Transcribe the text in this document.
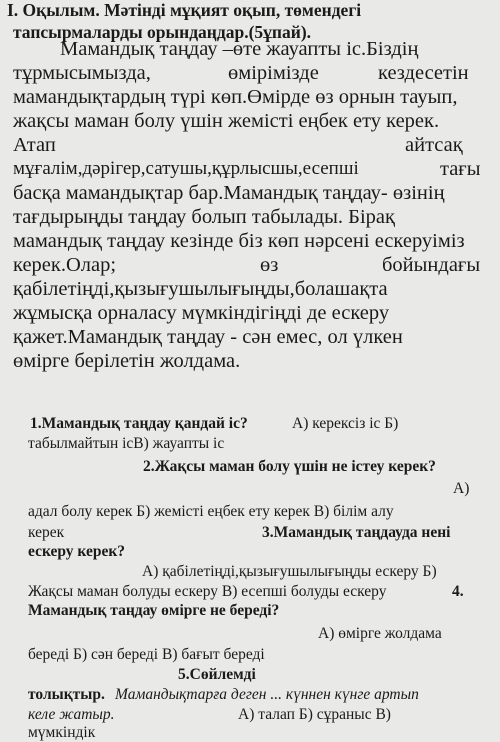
I. Оқылым. Мәтінді мұқият оқып, төмендегі
тапсырмаларды орындаңдар.(5ұпай).
Мамандық таңдау –өте жауапты іс.Біздің
тұрмысымызда,	өмірімізде	кездесетін
мамандықтардың түрі көп.Өмірде өз орнын тауып,
жақсы маман болу үшін жемісті еңбек ету керек.
Атап	айтсақ
мұғалім,дәрігер,сатушы,құрлысшы,есепші	тағы
басқа мамандықтар бар.Мамандық таңдау- өзінің
тағдырыңды таңдау болып табылады. Бірақ
мамандық таңдау кезінде біз көп нәрсені ескеруіміз
керек.Олар;	өз	бойындағы
қабілетіңді,қызығушылығыңды,болашақта
жұмысқа орналасу мүмкіндігіңді де ескеру
қажет.Мамандық таңдау - сән емес, ол үлкен
өмірге берілетін жолдама.
1.Мамандық таңдау қандай іс?	А) керексіз іс Б)
табылмайтын ісВ) жауапты іс
2.Жақсы маман болу үшін не істеу керек?
А)
адал болу керек Б) жемісті еңбек ету керек В) білім алу
керек	3.Мамандық таңдауда нені
ескеру керек?
А) қабілетіңді,қызығушылығыңды ескеру Б)
Жақсы маман болуды ескеру В) есепші болуды ескеру	4.
Мамандық таңдау өмірге не береді?
А) өмірге жолдама
береді Б) сән береді В) бағыт береді
5.Сөйлемді
толықтыр. Мамандықтарға деген ... күннен күнге артып
келе жатыр.	А) талап Б) сұраныс В)
мүмкіндік
